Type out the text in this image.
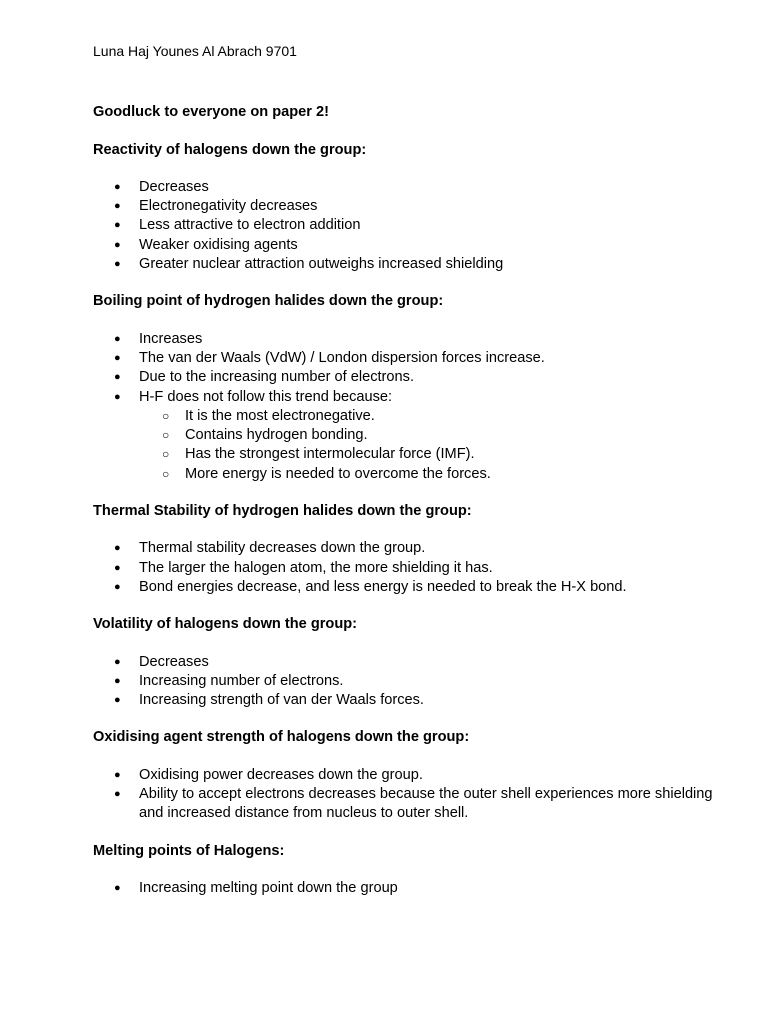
Luna Haj Younes Al Abrach 9701

Goodluck to everyone on paper 2!

Reactivity of halogens down the group:

● Decreases
● Electronegativity decreases
● Less attractive to electron addition
● Weaker oxidising agents
● Greater nuclear attraction outweighs increased shielding

Boiling point of hydrogen halides down the group:

● Increases
● The van der Waals (VdW) / London dispersion forces increase.
● Due to the increasing number of electrons.
● H-F does not follow this trend because:
○ It is the most electronegative.
○ Contains hydrogen bonding.
○ Has the strongest intermolecular force (IMF).
○ More energy is needed to overcome the forces.

Thermal Stability of hydrogen halides down the group:

● Thermal stability decreases down the group.
● The larger the halogen atom, the more shielding it has.
● Bond energies decrease, and less energy is needed to break the H-X bond.

Volatility of halogens down the group:

● Decreases
● Increasing number of electrons.
● Increasing strength of van der Waals forces.

Oxidising agent strength of halogens down the group:

● Oxidising power decreases down the group.
● Ability to accept electrons decreases because the outer shell experiences more shielding and increased distance from nucleus to outer shell.

Melting points of Halogens:

● Increasing melting point down the group
